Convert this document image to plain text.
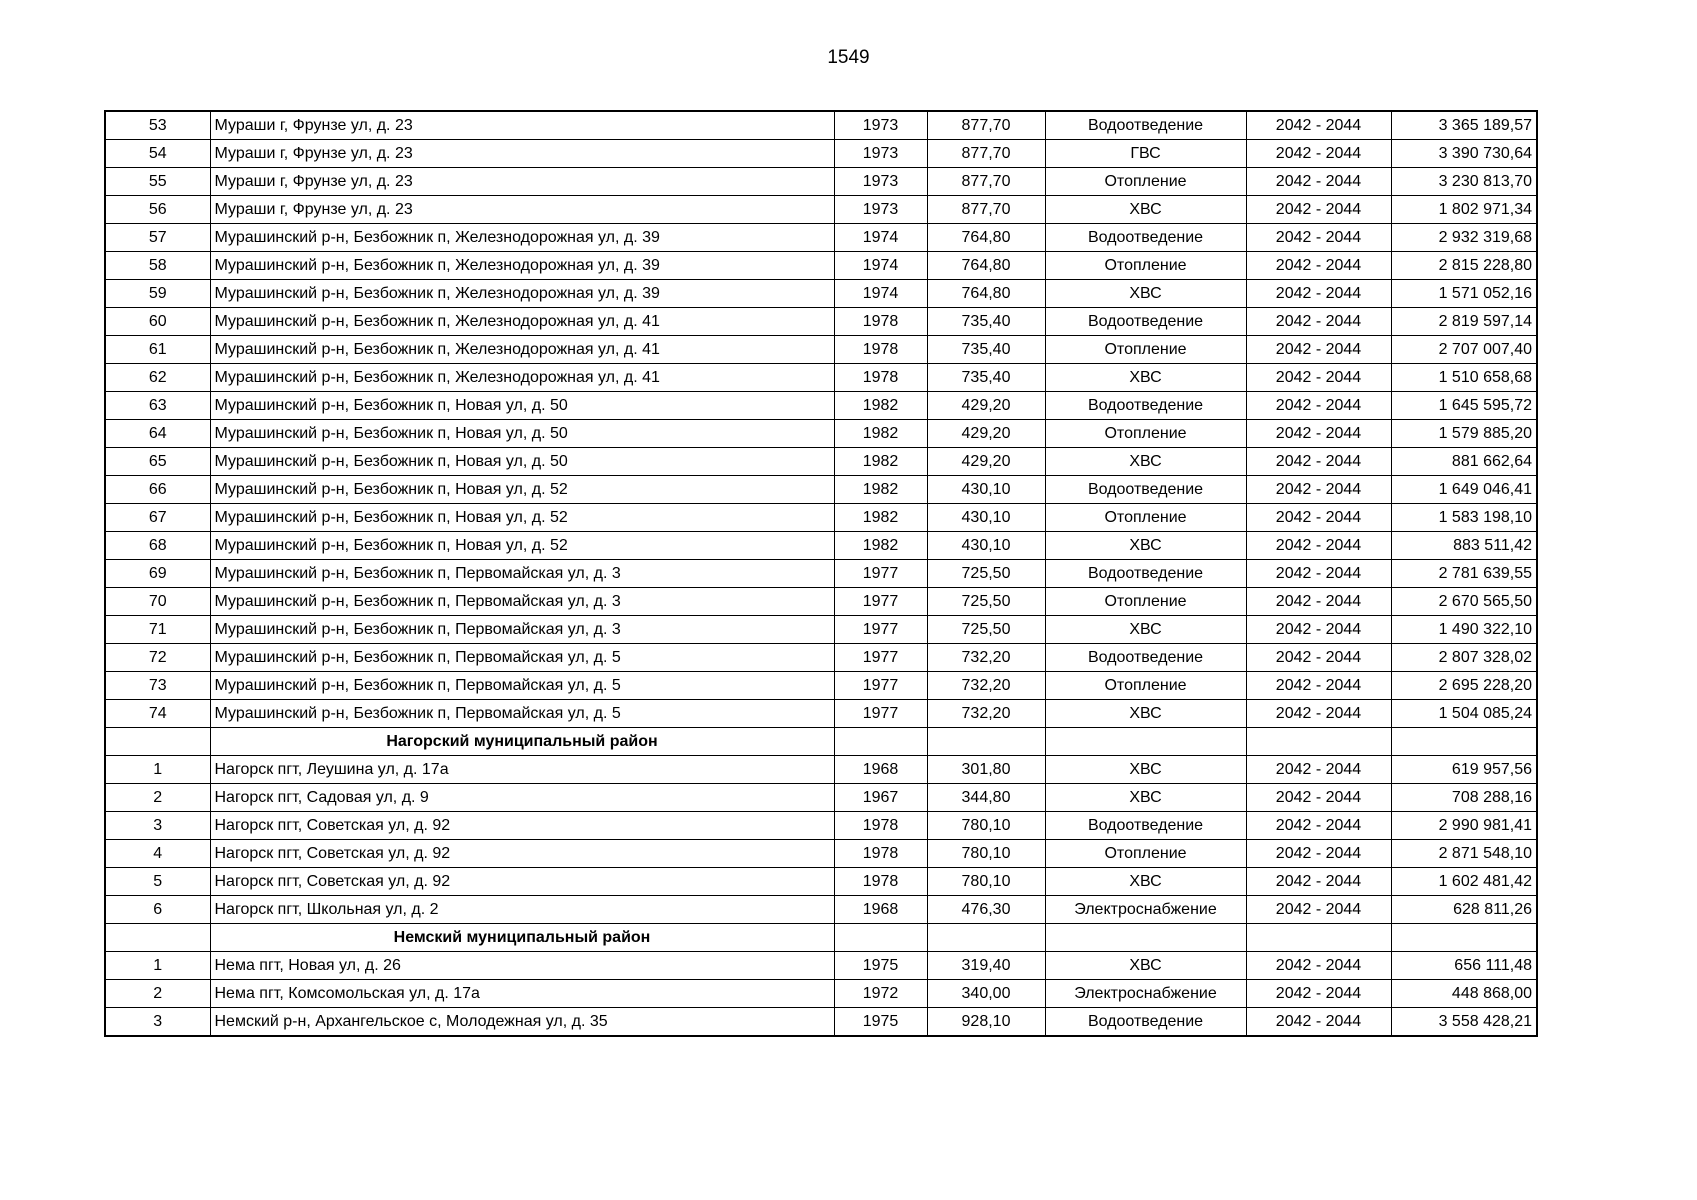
1549
53	Мураши г, Фрунзе ул, д. 23	1973	877,70	Водоотведение	2042 - 2044	3 365 189,57
54	Мураши г, Фрунзе ул, д. 23	1973	877,70	ГВС	2042 - 2044	3 390 730,64
55	Мураши г, Фрунзе ул, д. 23	1973	877,70	Отопление	2042 - 2044	3 230 813,70
56	Мураши г, Фрунзе ул, д. 23	1973	877,70	ХВС	2042 - 2044	1 802 971,34
57	Мурашинский р-н, Безбожник п, Железнодорожная ул, д. 39	1974	764,80	Водоотведение	2042 - 2044	2 932 319,68
58	Мурашинский р-н, Безбожник п, Железнодорожная ул, д. 39	1974	764,80	Отопление	2042 - 2044	2 815 228,80
59	Мурашинский р-н, Безбожник п, Железнодорожная ул, д. 39	1974	764,80	ХВС	2042 - 2044	1 571 052,16
60	Мурашинский р-н, Безбожник п, Железнодорожная ул, д. 41	1978	735,40	Водоотведение	2042 - 2044	2 819 597,14
61	Мурашинский р-н, Безбожник п, Железнодорожная ул, д. 41	1978	735,40	Отопление	2042 - 2044	2 707 007,40
62	Мурашинский р-н, Безбожник п, Железнодорожная ул, д. 41	1978	735,40	ХВС	2042 - 2044	1 510 658,68
63	Мурашинский р-н, Безбожник п, Новая ул, д. 50	1982	429,20	Водоотведение	2042 - 2044	1 645 595,72
64	Мурашинский р-н, Безбожник п, Новая ул, д. 50	1982	429,20	Отопление	2042 - 2044	1 579 885,20
65	Мурашинский р-н, Безбожник п, Новая ул, д. 50	1982	429,20	ХВС	2042 - 2044	881 662,64
66	Мурашинский р-н, Безбожник п, Новая ул, д. 52	1982	430,10	Водоотведение	2042 - 2044	1 649 046,41
67	Мурашинский р-н, Безбожник п, Новая ул, д. 52	1982	430,10	Отопление	2042 - 2044	1 583 198,10
68	Мурашинский р-н, Безбожник п, Новая ул, д. 52	1982	430,10	ХВС	2042 - 2044	883 511,42
69	Мурашинский р-н, Безбожник п, Первомайская ул, д. 3	1977	725,50	Водоотведение	2042 - 2044	2 781 639,55
70	Мурашинский р-н, Безбожник п, Первомайская ул, д. 3	1977	725,50	Отопление	2042 - 2044	2 670 565,50
71	Мурашинский р-н, Безбожник п, Первомайская ул, д. 3	1977	725,50	ХВС	2042 - 2044	1 490 322,10
72	Мурашинский р-н, Безбожник п, Первомайская ул, д. 5	1977	732,20	Водоотведение	2042 - 2044	2 807 328,02
73	Мурашинский р-н, Безбожник п, Первомайская ул, д. 5	1977	732,20	Отопление	2042 - 2044	2 695 228,20
74	Мурашинский р-н, Безбожник п, Первомайская ул, д. 5	1977	732,20	ХВС	2042 - 2044	1 504 085,24
	Нагорский муниципальный район					
1	Нагорск пгт, Леушина ул, д. 17а	1968	301,80	ХВС	2042 - 2044	619 957,56
2	Нагорск пгт, Садовая ул, д. 9	1967	344,80	ХВС	2042 - 2044	708 288,16
3	Нагорск пгт, Советская ул, д. 92	1978	780,10	Водоотведение	2042 - 2044	2 990 981,41
4	Нагорск пгт, Советская ул, д. 92	1978	780,10	Отопление	2042 - 2044	2 871 548,10
5	Нагорск пгт, Советская ул, д. 92	1978	780,10	ХВС	2042 - 2044	1 602 481,42
6	Нагорск пгт, Школьная ул, д. 2	1968	476,30	Электроснабжение	2042 - 2044	628 811,26
	Немский муниципальный район					
1	Нема пгт, Новая ул, д. 26	1975	319,40	ХВС	2042 - 2044	656 111,48
2	Нема пгт, Комсомольская ул, д. 17а	1972	340,00	Электроснабжение	2042 - 2044	448 868,00
3	Немский р-н, Архангельское с, Молодежная ул, д. 35	1975	928,10	Водоотведение	2042 - 2044	3 558 428,21
